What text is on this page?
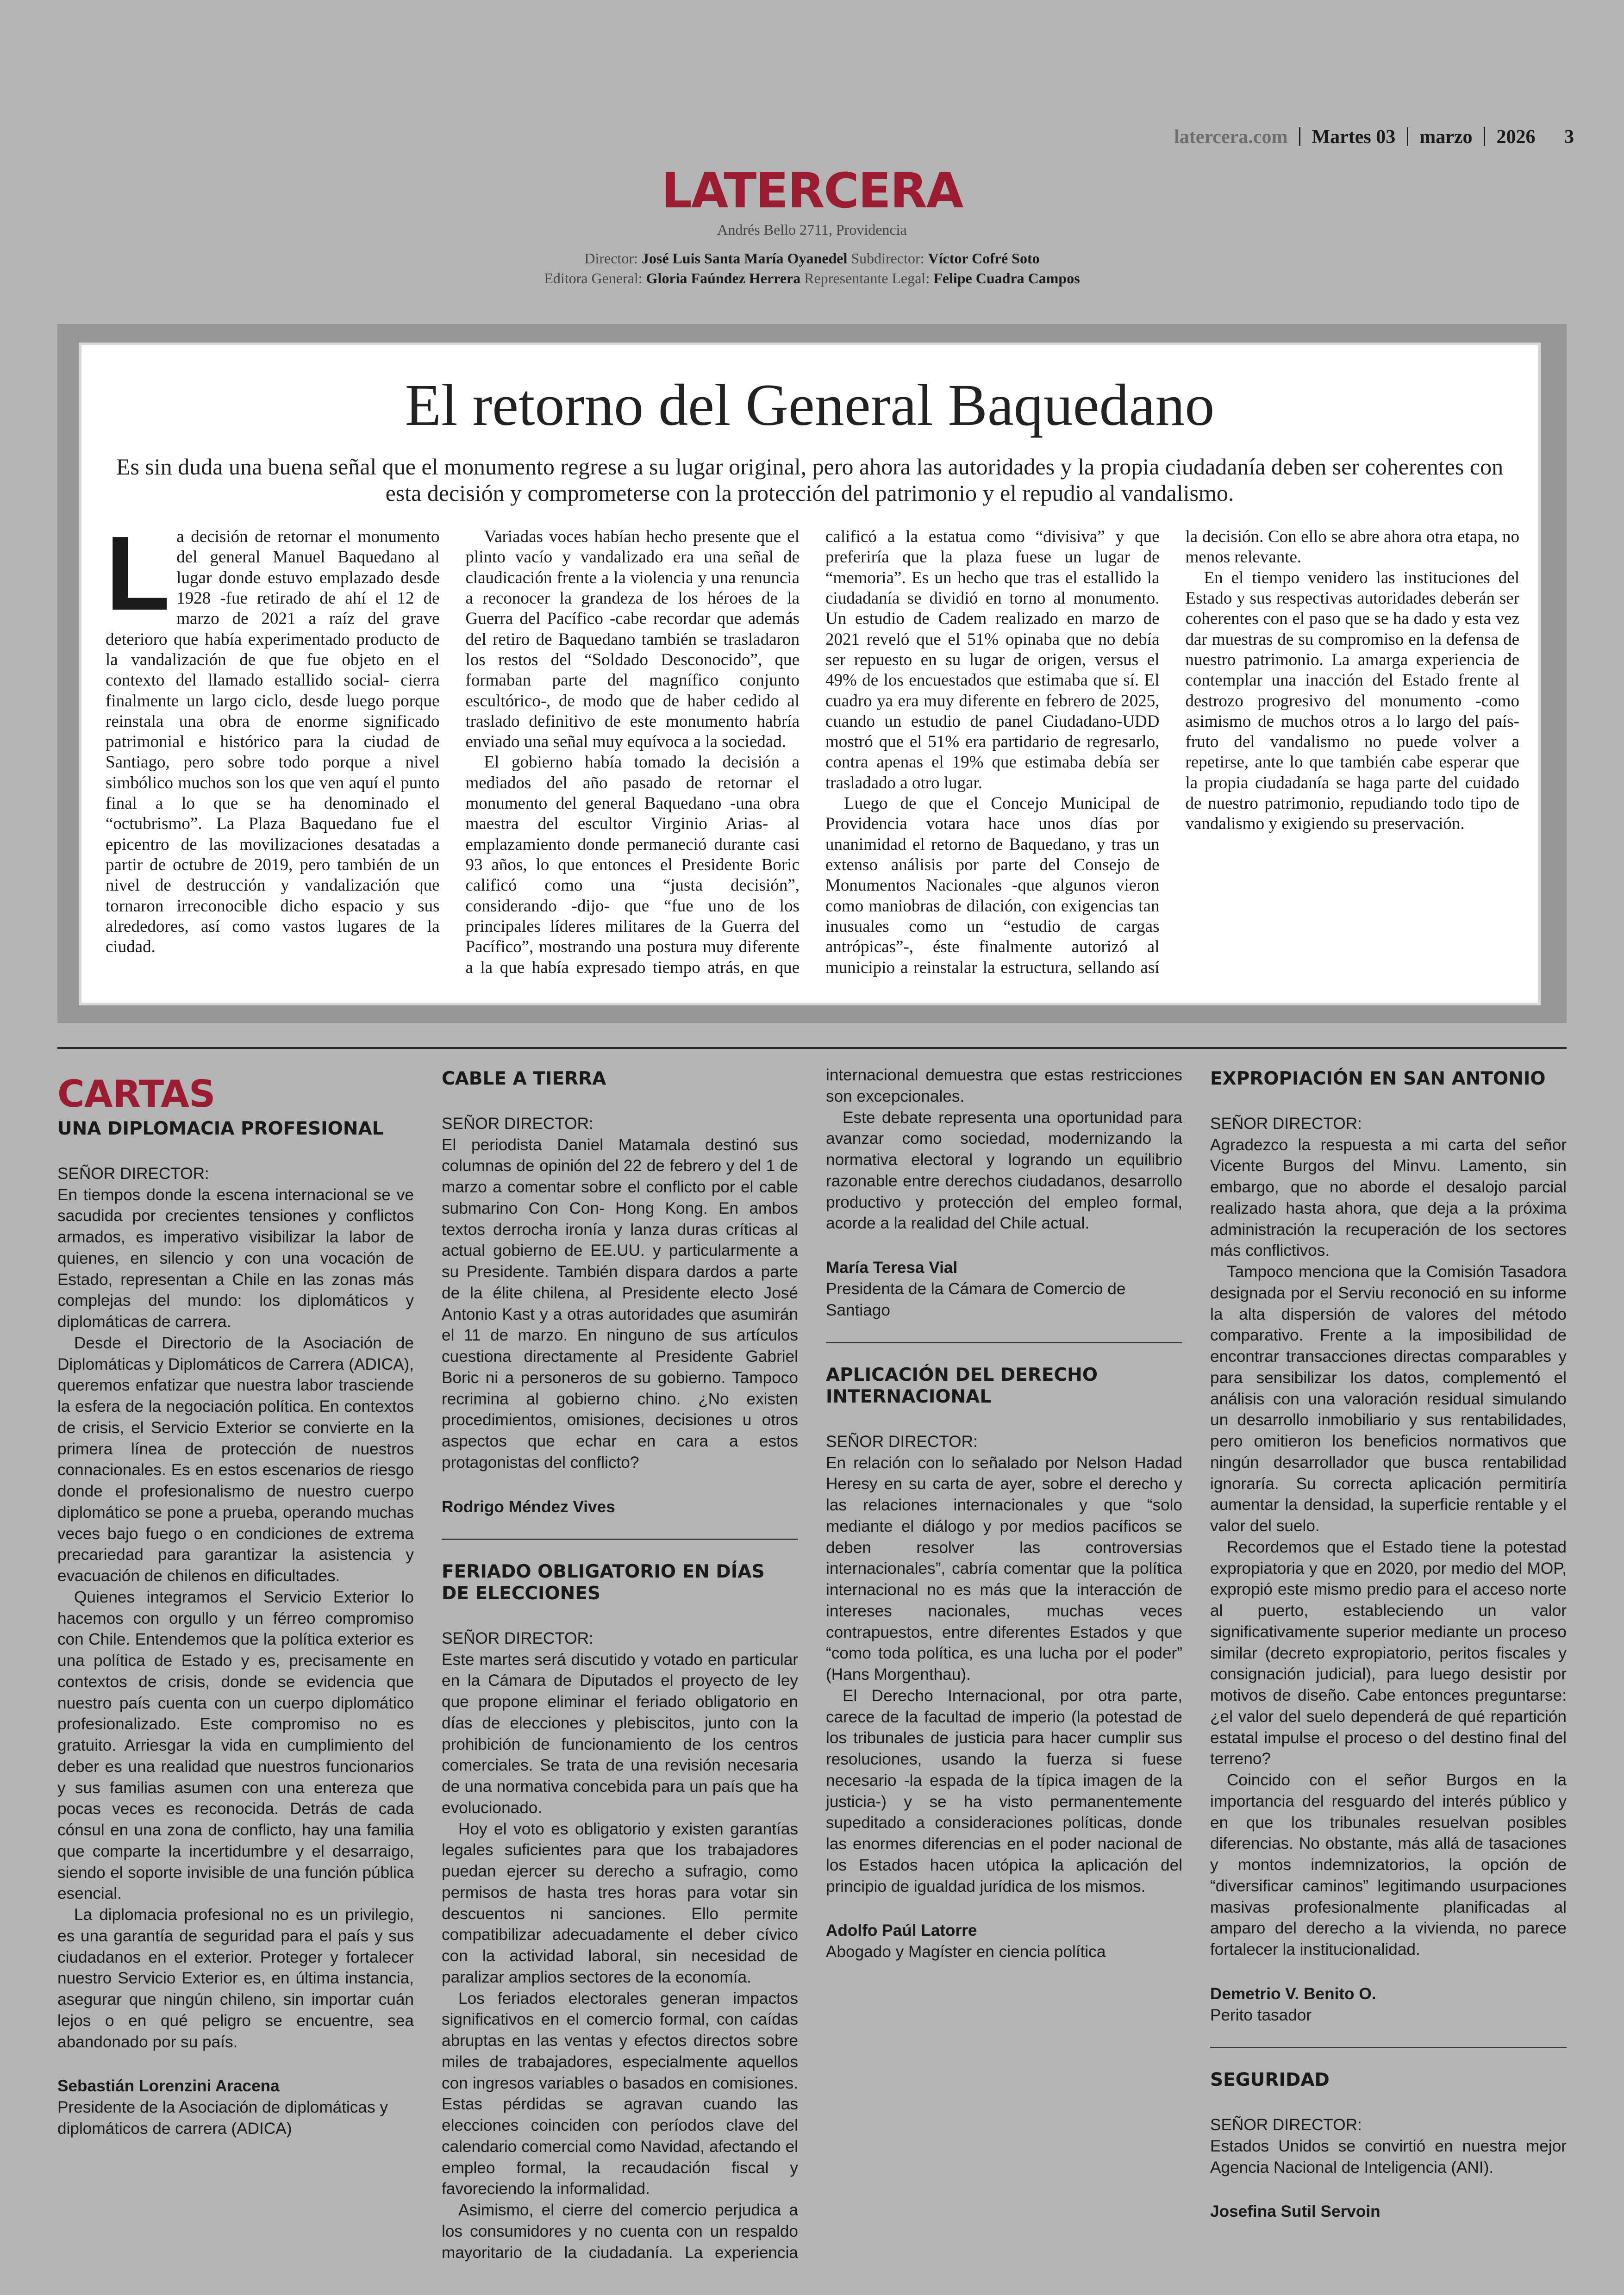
latercera.com Martes 03 marzo 2026 3
LATERCERA
Andrés Bello 2711, Providencia
Director: José Luis Santa María Oyanedel Subdirector: Víctor Cofré Soto
Editora General: Gloria Faúndez Herrera Representante Legal: Felipe Cuadra Campos
El retorno del General Baquedano

Es sin duda una buena señal que el monumento regrese a su lugar original, pero ahora las autoridades y la propia ciudadanía deben ser coherentes con esta decisión y comprometerse con la protección del patrimonio y el repudio al vandalismo.

La decisión de retornar el monumento del general Manuel Baquedano al lugar donde estuvo emplazado desde 1928 -fue retirado de ahí el 12 de marzo de 2021 a raíz del grave deterioro que había experimentado producto de la vandalización de que fue objeto en el contexto del llamado estallido social- cierra finalmente un largo ciclo, desde luego porque reinstala una obra de enorme significado patrimonial e histórico para la ciudad de Santiago, pero sobre todo porque a nivel simbólico muchos son los que ven aquí el punto final a lo que se ha denominado el “octubrismo”. La Plaza Baquedano fue el epicentro de las movilizaciones desatadas a partir de octubre de 2019, pero también de un nivel de destrucción y vandalización que tornaron irreconocible dicho espacio y sus alrededores, así como vastos lugares de la ciudad.

Variadas voces habían hecho presente que el plinto vacío y vandalizado era una señal de claudicación frente a la violencia y una renuncia a reconocer la grandeza de los héroes de la Guerra del Pacífico -cabe recordar que además del retiro de Baquedano también se trasladaron los restos del “Soldado Desconocido”, que formaban parte del magnífico conjunto escultórico-, de modo que de haber cedido al traslado definitivo de este monumento habría enviado una señal muy equívoca a la sociedad.

El gobierno había tomado la decisión a mediados del año pasado de retornar el monumento del general Baquedano -una obra maestra del escultor Virginio Arias- al emplazamiento donde permaneció durante casi 93 años, lo que entonces el Presidente Boric calificó como una “justa decisión”, considerando -dijo- que “fue uno de los principales líderes militares de la Guerra del Pacífico”, mostrando una postura muy diferente a la que había expresado tiempo atrás, en que calificó a la estatua como “divisiva” y que preferiría que la plaza fuese un lugar de “memoria”. Es un hecho que tras el estallido la ciudadanía se dividió en torno al monumento. Un estudio de Cadem realizado en marzo de 2021 reveló que el 51% opinaba que no debía ser repuesto en su lugar de origen, versus el 49% de los encuestados que estimaba que sí. El cuadro ya era muy diferente en febrero de 2025, cuando un estudio de panel Ciudadano-UDD mostró que el 51% era partidario de regresarlo, contra apenas el 19% que estimaba debía ser trasladado a otro lugar.

Luego de que el Concejo Municipal de Providencia votara hace unos días por unanimidad el retorno de Baquedano, y tras un extenso análisis por parte del Consejo de Monumentos Nacionales -que algunos vieron como maniobras de dilación, con exigencias tan inusuales como un “estudio de cargas antrópicas”-, éste finalmente autorizó al municipio a reinstalar la estructura, sellando así la decisión. Con ello se abre ahora otra etapa, no menos relevante.

En el tiempo venidero las instituciones del Estado y sus respectivas autoridades deberán ser coherentes con el paso que se ha dado y esta vez dar muestras de su compromiso en la defensa de nuestro patrimonio. La amarga experiencia de contemplar una inacción del Estado frente al destrozo progresivo del monumento -como asimismo de muchos otros a lo largo del país- fruto del vandalismo no puede volver a repetirse, ante lo que también cabe esperar que la propia ciudadanía se haga parte del cuidado de nuestro patrimonio, repudiando todo tipo de vandalismo y exigiendo su preservación.

CARTAS
UNA DIPLOMACIA PROFESIONAL
SEÑOR DIRECTOR:

En tiempos donde la escena internacional se ve sacudida por crecientes tensiones y conflictos armados, es imperativo visibilizar la labor de quienes, en silencio y con una vocación de Estado, representan a Chile en las zonas más complejas del mundo: los diplomáticos y diplomáticas de carrera.

Desde el Directorio de la Asociación de Diplomáticas y Diplomáticos de Carrera (ADICA), queremos enfatizar que nuestra labor trasciende la esfera de la negociación política. En contextos de crisis, el Servicio Exterior se convierte en la primera línea de protección de nuestros connacionales. Es en estos escenarios de riesgo donde el profesionalismo de nuestro cuerpo diplomático se pone a prueba, operando muchas veces bajo fuego o en condiciones de extrema precariedad para garantizar la asistencia y evacuación de chilenos en dificultades.

Quienes integramos el Servicio Exterior lo hacemos con orgullo y un férreo compromiso con Chile. Entendemos que la política exterior es una política de Estado y es, precisamente en contextos de crisis, donde se evidencia que nuestro país cuenta con un cuerpo diplomático profesionalizado. Este compromiso no es gratuito. Arriesgar la vida en cumplimiento del deber es una realidad que nuestros funcionarios y sus familias asumen con una entereza que pocas veces es reconocida. Detrás de cada cónsul en una zona de conflicto, hay una familia que comparte la incertidumbre y el desarraigo, siendo el soporte invisible de una función pública esencial.

La diplomacia profesional no es un privilegio, es una garantía de seguridad para el país y sus ciudadanos en el exterior. Proteger y fortalecer nuestro Servicio Exterior es, en última instancia, asegurar que ningún chileno, sin importar cuán lejos o en qué peligro se encuentre, sea abandonado por su país.

Sebastián Lorenzini Aracena
Presidente de la Asociación de diplomáticas y diplomáticos de carrera (ADICA)
CABLE A TIERRA
SEÑOR DIRECTOR:

El periodista Daniel Matamala destinó sus columnas de opinión del 22 de febrero y del 1 de marzo a comentar sobre el conflicto por el cable submarino Con Con- Hong Kong. En ambos textos derrocha ironía y lanza duras críticas al actual gobierno de EE.UU. y particularmente a su Presidente. También dispara dardos a parte de la élite chilena, al Presidente electo José Antonio Kast y a otras autoridades que asumirán el 11 de marzo. En ninguno de sus artículos cuestiona directamente al Presidente Gabriel Boric ni a personeros de su gobierno. Tampoco recrimina al gobierno chino. ¿No existen procedimientos, omisiones, decisiones u otros aspectos que echar en cara a estos protagonistas del conflicto?

Rodrigo Méndez Vives
FERIADO OBLIGATORIO EN DÍAS DE ELECCIONES
SEÑOR DIRECTOR:

Este martes será discutido y votado en particular en la Cámara de Diputados el proyecto de ley que propone eliminar el feriado obligatorio en días de elecciones y plebiscitos, junto con la prohibición de funcionamiento de los centros comerciales. Se trata de una revisión necesaria de una normativa concebida para un país que ha evolucionado.

Hoy el voto es obligatorio y existen garantías legales suficientes para que los trabajadores puedan ejercer su derecho a sufragio, como permisos de hasta tres horas para votar sin descuentos ni sanciones. Ello permite compatibilizar adecuadamente el deber cívico con la actividad laboral, sin necesidad de paralizar amplios sectores de la economía.

Los feriados electorales generan impactos significativos en el comercio formal, con caídas abruptas en las ventas y efectos directos sobre miles de trabajadores, especialmente aquellos con ingresos variables o basados en comisiones. Estas pérdidas se agravan cuando las elecciones coinciden con períodos clave del calendario comercial como Navidad, afectando el empleo formal, la recaudación fiscal y favoreciendo la informalidad.

Asimismo, el cierre del comercio perjudica a los consumidores y no cuenta con un respaldo mayoritario de la ciudadanía. La experiencia internacional demuestra que estas restricciones son excepcionales.

Este debate representa una oportunidad para avanzar como sociedad, modernizando la normativa electoral y logrando un equilibrio razonable entre derechos ciudadanos, desarrollo productivo y protección del empleo formal, acorde a la realidad del Chile actual.

María Teresa Vial
Presidenta de la Cámara de Comercio de Santiago
APLICACIÓN DEL DERECHO INTERNACIONAL
SEÑOR DIRECTOR:

En relación con lo señalado por Nelson Hadad Heresy en su carta de ayer, sobre el derecho y las relaciones internacionales y que “solo mediante el diálogo y por medios pacíficos se deben resolver las controversias internacionales”, cabría comentar que la política internacional no es más que la interacción de intereses nacionales, muchas veces contrapuestos, entre diferentes Estados y que “como toda política, es una lucha por el poder” (Hans Morgenthau).

El Derecho Internacional, por otra parte, carece de la facultad de imperio (la potestad de los tribunales de justicia para hacer cumplir sus resoluciones, usando la fuerza si fuese necesario -la espada de la típica imagen de la justicia-) y se ha visto permanentemente supeditado a consideraciones políticas, donde las enormes diferencias en el poder nacional de los Estados hacen utópica la aplicación del principio de igualdad jurídica de los mismos.

Adolfo Paúl Latorre
Abogado y Magíster en ciencia política
EXPROPIACIÓN EN SAN ANTONIO
SEÑOR DIRECTOR:

Agradezco la respuesta a mi carta del señor Vicente Burgos del Minvu. Lamento, sin embargo, que no aborde el desalojo parcial realizado hasta ahora, que deja a la próxima administración la recuperación de los sectores más conflictivos.

Tampoco menciona que la Comisión Tasadora designada por el Serviu reconoció en su informe la alta dispersión de valores del método comparativo. Frente a la imposibilidad de encontrar transacciones directas comparables y para sensibilizar los datos, complementó el análisis con una valoración residual simulando un desarrollo inmobiliario y sus rentabilidades, pero omitieron los beneficios normativos que ningún desarrollador que busca rentabilidad ignoraría. Su correcta aplicación permitiría aumentar la densidad, la superficie rentable y el valor del suelo.

Recordemos que el Estado tiene la potestad expropiatoria y que en 2020, por medio del MOP, expropió este mismo predio para el acceso norte al puerto, estableciendo un valor significativamente superior mediante un proceso similar (decreto expropiatorio, peritos fiscales y consignación judicial), para luego desistir por motivos de diseño. Cabe entonces preguntarse: ¿el valor del suelo dependerá de qué repartición estatal impulse el proceso o del destino final del terreno?

Coincido con el señor Burgos en la importancia del resguardo del interés público y en que los tribunales resuelvan posibles diferencias. No obstante, más allá de tasaciones y montos indemnizatorios, la opción de “diversificar caminos” legitimando usurpaciones masivas profesionalmente planificadas al amparo del derecho a la vivienda, no parece fortalecer la institucionalidad.

Demetrio V. Benito O.
Perito tasador
SEGURIDAD
SEÑOR DIRECTOR:

Estados Unidos se convirtió en nuestra mejor Agencia Nacional de Inteligencia (ANI).

Josefina Sutil Servoin
